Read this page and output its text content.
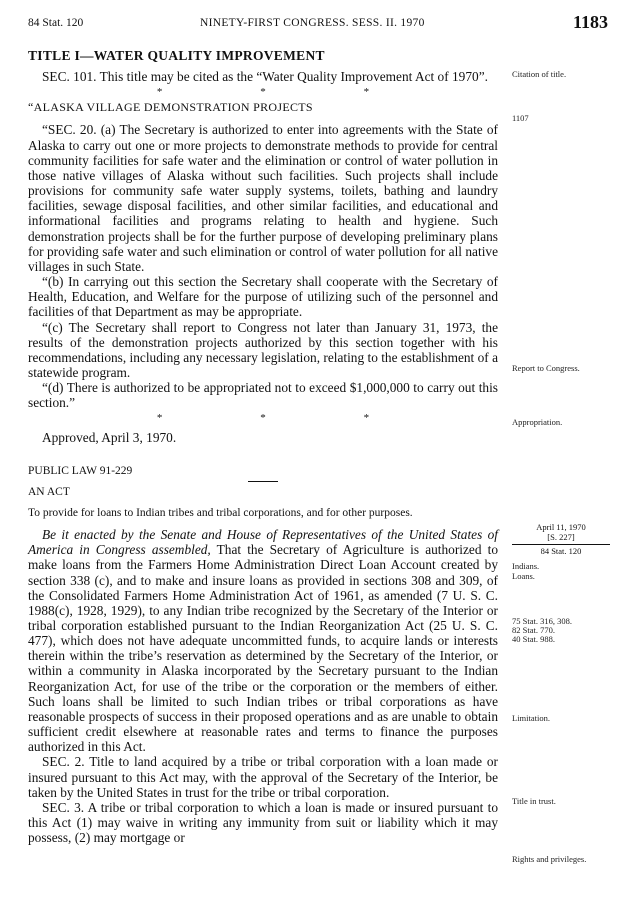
84 Stat. 120	NINETY-FIRST CONGRESS. SESS. II. 1970	1183

TITLE I—WATER QUALITY IMPROVEMENT

SEC. 101. This title may be cited as the “Water Quality Improvement Act of 1970”.

*	*	*

“ALASKA VILLAGE DEMONSTRATION PROJECTS

“SEC. 20. (a) The Secretary is authorized to enter into agreements with the State of Alaska to carry out one or more projects to demonstrate methods to provide for central community facilities for safe water and the elimination or control of water pollution in those native villages of Alaska without such facilities. Such projects shall include provisions for community safe water supply systems, toilets, bathing and laundry facilities, sewage disposal facilities, and other similar facilities, and educational and informational facilities and programs relating to health and hygiene. Such demonstration projects shall be for the further purpose of developing preliminary plans for providing safe water and such elimination or control of water pollution for all native villages in such State.

“(b) In carrying out this section the Secretary shall cooperate with the Secretary of Health, Education, and Welfare for the purpose of utilizing such of the personnel and facilities of that Department as may be appropriate.

“(c) The Secretary shall report to Congress not later than January 31, 1973, the results of the demonstration projects authorized by this section together with his recommendations, including any necessary legislation, relating to the establishment of a statewide program.

“(d) There is authorized to be appropriated not to exceed $1,000,000 to carry out this section.”

*	*	*

Approved, April 3, 1970.

PUBLIC LAW 91-229

AN ACT

To provide for loans to Indian tribes and tribal corporations, and for other purposes.

Be it enacted by the Senate and House of Representatives of the United States of America in Congress assembled, That the Secretary of Agriculture is authorized to make loans from the Farmers Home Administration Direct Loan Account created by section 338 (c), and to make and insure loans as provided in sections 308 and 309, of the Consolidated Farmers Home Administration Act of 1961, as amended (7 U. S. C. 1988(c), 1928, 1929), to any Indian tribe recognized by the Secretary of the Interior or tribal corporation established pursuant to the Indian Reorganization Act (25 U. S. C. 477), which does not have adequate uncommitted funds, to acquire lands or interests therein within the tribe’s reservation as determined by the Secretary of the Interior, or within a community in Alaska incorporated by the Secretary pursuant to the Indian Reorganization Act, for use of the tribe or the corporation or the members of either. Such loans shall be limited to such Indian tribes or tribal corporations as have reasonable prospects of success in their proposed operations and as are unable to obtain sufficient credit elsewhere at reasonable rates and terms to finance the purposes authorized in this Act.

SEC. 2. Title to land acquired by a tribe or tribal corporation with a loan made or insured pursuant to this Act may, with the approval of the Secretary of the Interior, be taken by the United States in trust for the tribe or tribal corporation.

SEC. 3. A tribe or tribal corporation to which a loan is made or insured pursuant to this Act (1) may waive in writing any immunity from suit or liability which it may possess, (2) may mortgage or

Citation of title.
1107
Report to Congress.
Appropriation.
April 11, 1970
[S. 227]
84 Stat. 120
Indians.
Loans.
75 Stat. 316, 308.
82 Stat. 770.
40 Stat. 988.
Limitation.
Title in trust.
Rights and privileges.
